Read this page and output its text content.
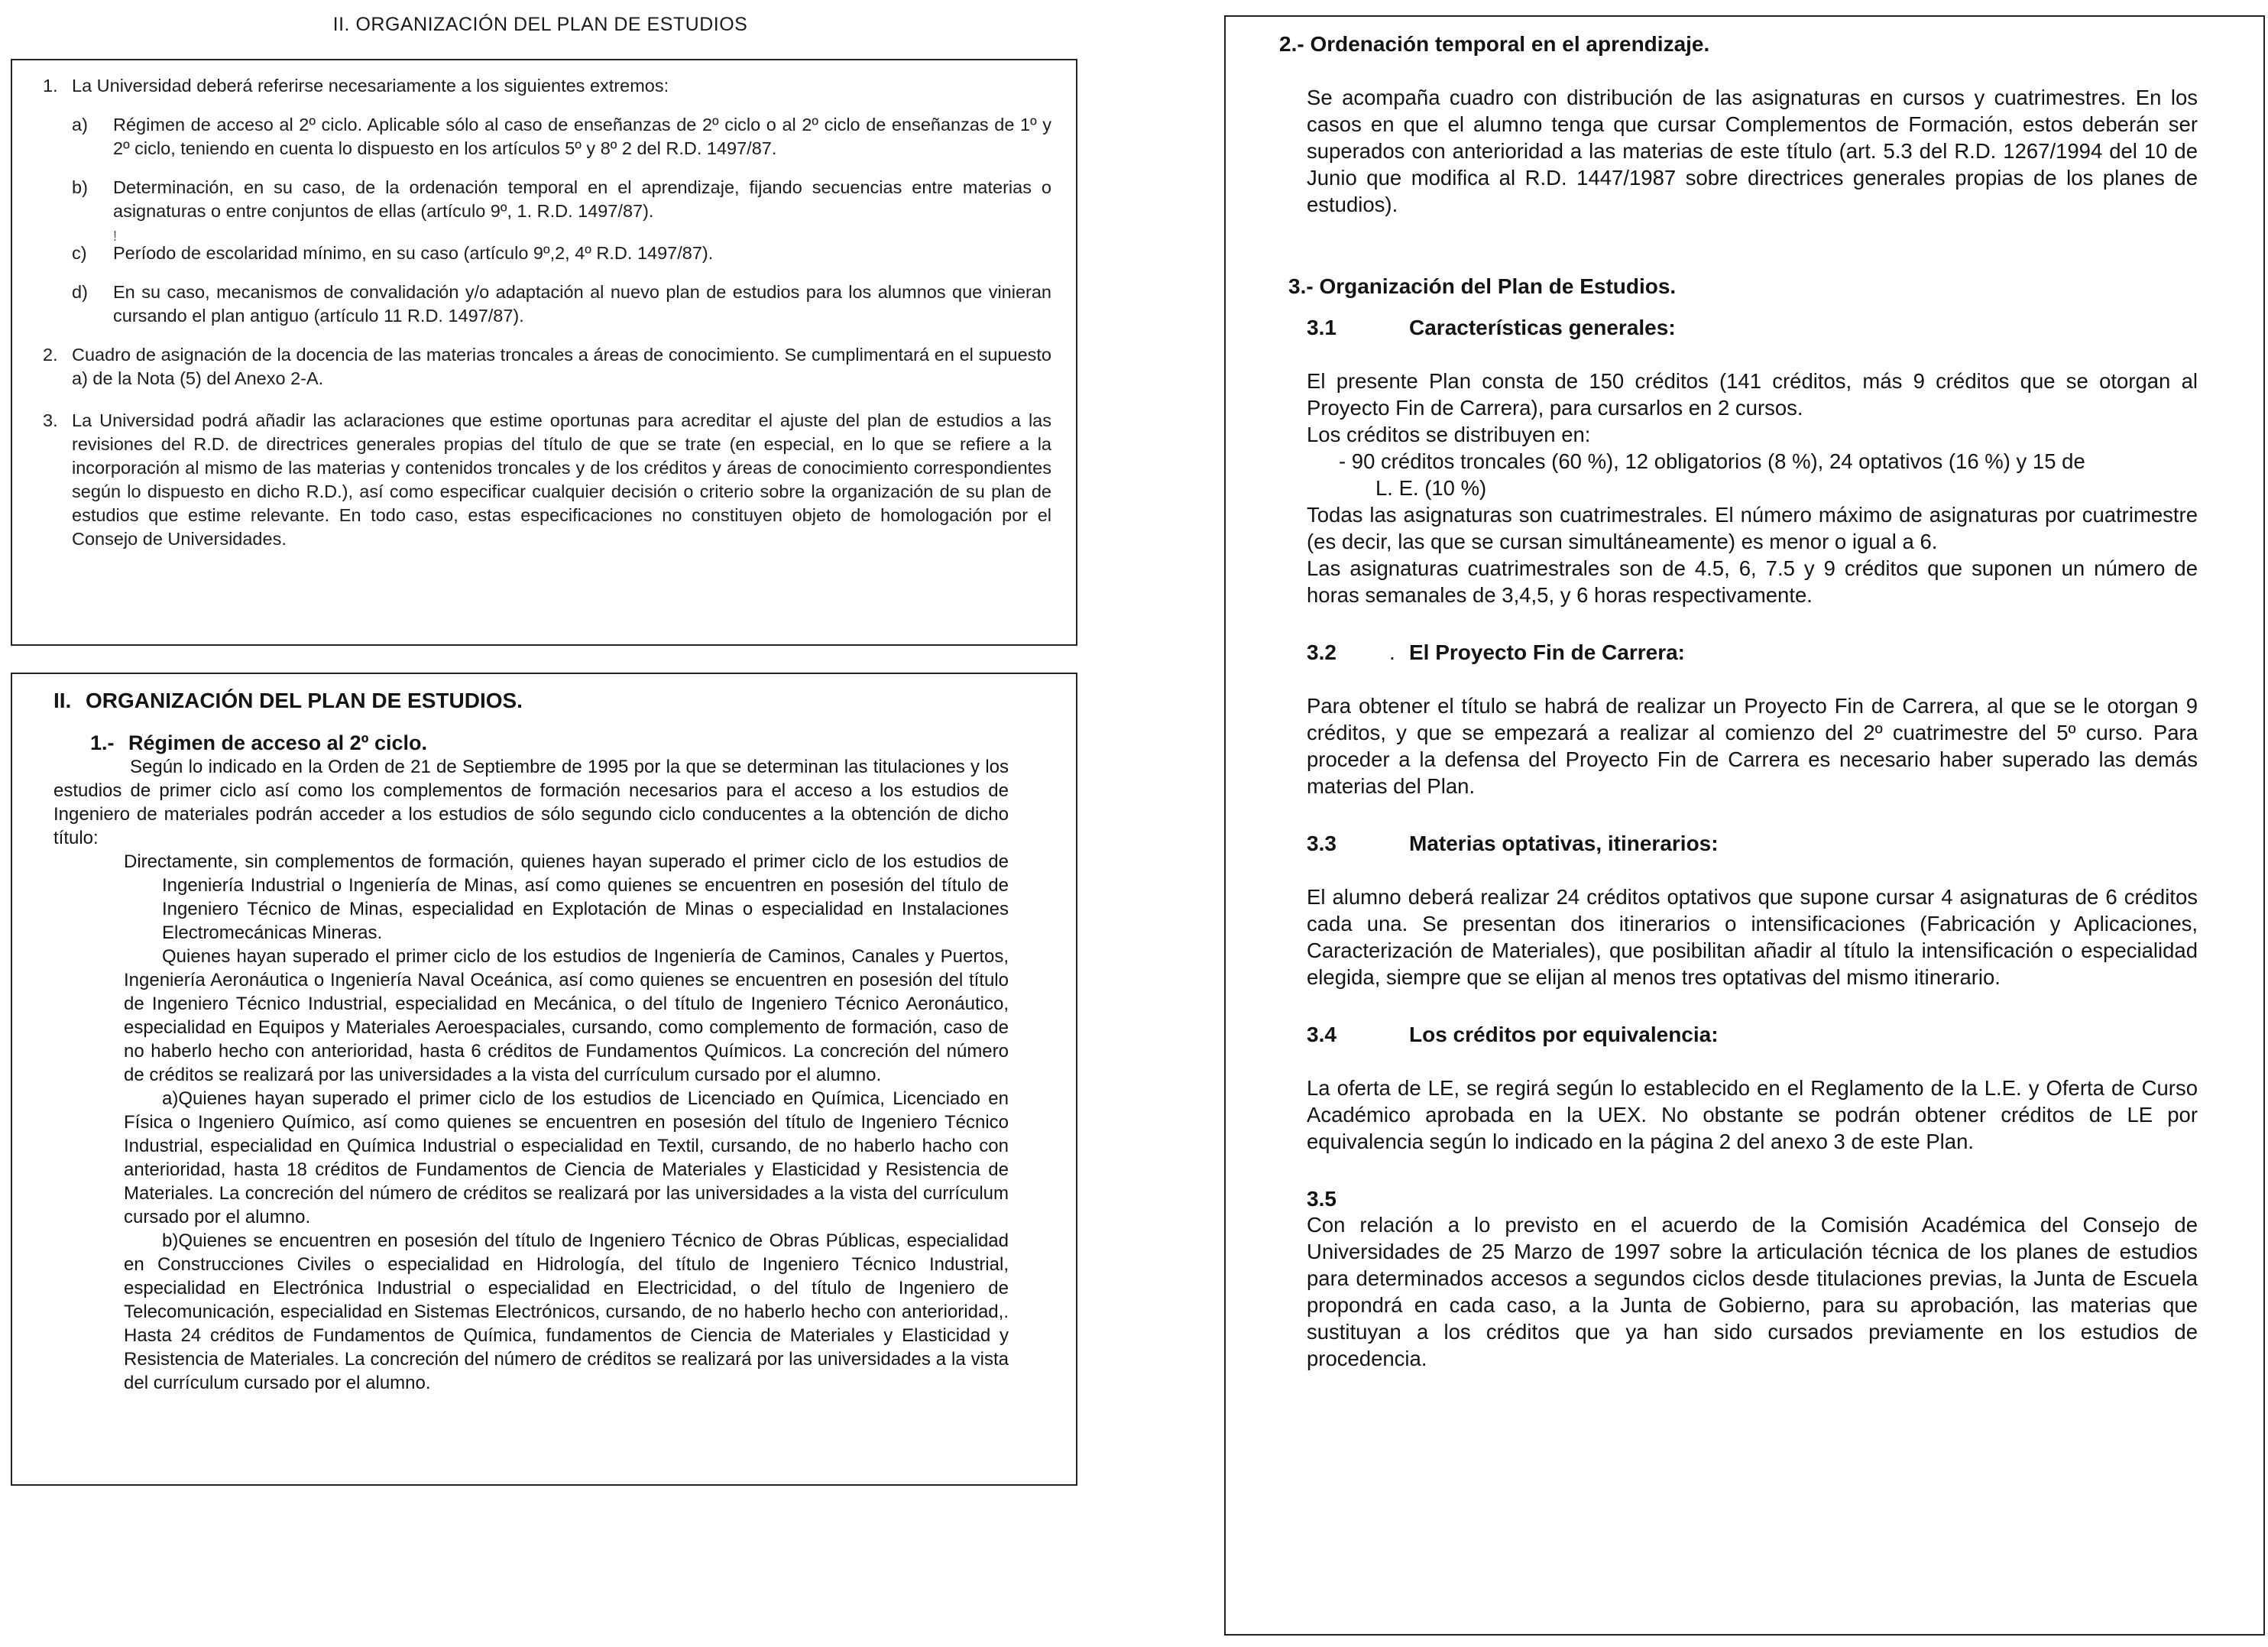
II. ORGANIZACIÓN DEL PLAN DE ESTUDIOS
1. La Universidad deberá referirse necesariamente a los siguientes extremos:

a) Régimen de acceso al 2º ciclo. Aplicable sólo al caso de enseñanzas de 2º ciclo o al 2º ciclo de enseñanzas de 1º y 2º ciclo, teniendo en cuenta lo dispuesto en los artículos 5º y 8º 2 del R.D. 1497/87.

b) Determinación, en su caso, de la ordenación temporal en el aprendizaje, fijando secuencias entre materias o asignaturas o entre conjuntos de ellas (artículo 9º, 1. R.D. 1497/87).

!
c) Período de escolaridad mínimo, en su caso (artículo 9º,2, 4º R.D. 1497/87).

d) En su caso, mecanismos de convalidación y/o adaptación al nuevo plan de estudios para los alumnos que vinieran cursando el plan antiguo (artículo 11 R.D. 1497/87).

2. Cuadro de asignación de la docencia de las materias troncales a áreas de conocimiento. Se cumplimentará en el supuesto a) de la Nota (5) del Anexo 2-A.

3. La Universidad podrá añadir las aclaraciones que estime oportunas para acreditar el ajuste del plan de estudios a las revisiones del R.D. de directrices generales propias del título de que se trate (en especial, en lo que se refiere a la incorporación al mismo de las materias y contenidos troncales y de los créditos y áreas de conocimiento correspondientes según lo dispuesto en dicho R.D.), así como especificar cualquier decisión o criterio sobre la organización de su plan de estudios que estime relevante. En todo caso, estas especificaciones no constituyen objeto de homologación por el Consejo de Universidades.

II. ORGANIZACIÓN DEL PLAN DE ESTUDIOS.
1.- Régimen de acceso al 2º ciclo.

Según lo indicado en la Orden de 21 de Septiembre de 1995 por la que se determinan las titulaciones y los estudios de primer ciclo así como los complementos de formación necesarios para el acceso a los estudios de Ingeniero de materiales podrán acceder a los estudios de sólo segundo ciclo conducentes a la obtención de dicho título:

Directamente, sin complementos de formación, quienes hayan superado el primer ciclo de los estudios de Ingeniería Industrial o Ingeniería de Minas, así como quienes se encuentren en posesión del título de Ingeniero Técnico de Minas, especialidad en Explotación de Minas o especialidad en Instalaciones Electromecánicas Mineras.

Quienes hayan superado el primer ciclo de los estudios de Ingeniería de Caminos, Canales y Puertos, Ingeniería Aeronáutica o Ingeniería Naval Oceánica, así como quienes se encuentren en posesión del título de Ingeniero Técnico Industrial, especialidad en Mecánica, o del título de Ingeniero Técnico Aeronáutico, especialidad en Equipos y Materiales Aeroespaciales, cursando, como complemento de formación, caso de no haberlo hecho con anterioridad, hasta 6 créditos de Fundamentos Químicos. La concreción del número de créditos se realizará por las universidades a la vista del currículum cursado por el alumno.

a)Quienes hayan superado el primer ciclo de los estudios de Licenciado en Química, Licenciado en Física o Ingeniero Químico, así como quienes se encuentren en posesión del título de Ingeniero Técnico Industrial, especialidad en Química Industrial o especialidad en Textil, cursando, de no haberlo hacho con anterioridad, hasta 18 créditos de Fundamentos de Ciencia de Materiales y Elasticidad y Resistencia de Materiales. La concreción del número de créditos se realizará por las universidades a la vista del currículum cursado por el alumno.

b)Quienes se encuentren en posesión del título de Ingeniero Técnico de Obras Públicas, especialidad en Construcciones Civiles o especialidad en Hidrología, del título de Ingeniero Técnico Industrial, especialidad en Electrónica Industrial o especialidad en Electricidad, o del título de Ingeniero de Telecomunicación, especialidad en Sistemas Electrónicos, cursando, de no haberlo hecho con anterioridad,. Hasta 24 créditos de Fundamentos de Química, fundamentos de Ciencia de Materiales y Elasticidad y Resistencia de Materiales. La concreción del número de créditos se realizará por las universidades a la vista del currículum cursado por el alumno.

2.- Ordenación temporal en el aprendizaje.

Se acompaña cuadro con distribución de las asignaturas en cursos y cuatrimestres. En los casos en que el alumno tenga que cursar Complementos de Formación, estos deberán ser superados con anterioridad a las materias de este título (art. 5.3 del R.D. 1267/1994 del 10 de Junio que modifica al R.D. 1447/1987 sobre directrices generales propias de los planes de estudios).

3.- Organización del Plan de Estudios.
3.1	Características generales:

El presente Plan consta de 150 créditos (141 créditos, más 9 créditos que se otorgan al Proyecto Fin de Carrera), para cursarlos en 2 cursos.

Los créditos se distribuyen en:

- 90 créditos troncales (60 %), 12 obligatorios (8 %), 24 optativos (16 %) y 15 de

L. E. (10 %)

Todas las asignaturas son cuatrimestrales. El número máximo de asignaturas por cuatrimestre (es decir, las que se cursan simultáneamente) es menor o igual a 6.

Las asignaturas cuatrimestrales son de 4.5, 6, 7.5 y 9 créditos que suponen un número de horas semanales de 3,4,5, y 6 horas respectivamente.

3.2 . El Proyecto Fin de Carrera:

Para obtener el título se habrá de realizar un Proyecto Fin de Carrera, al que se le otorgan 9 créditos, y que se empezará a realizar al comienzo del 2º cuatrimestre del 5º curso. Para proceder a la defensa del Proyecto Fin de Carrera es necesario haber superado las demás materias del Plan.

3.3	Materias optativas, itinerarios:

El alumno deberá realizar 24 créditos optativos que supone cursar 4 asignaturas de 6 créditos cada una. Se presentan dos itinerarios o intensificaciones (Fabricación y Aplicaciones, Caracterización de Materiales), que posibilitan añadir al título la intensificación o especialidad elegida, siempre que se elijan al menos tres optativas del mismo itinerario.

3.4	Los créditos por equivalencia:

La oferta de LE, se regirá según lo establecido en el Reglamento de la L.E. y Oferta de Curso Académico aprobada en la UEX. No obstante se podrán obtener créditos de LE por equivalencia según lo indicado en la página 2 del anexo 3 de este Plan.

3.5

Con relación a lo previsto en el acuerdo de la Comisión Académica del Consejo de Universidades de 25 Marzo de 1997 sobre la articulación técnica de los planes de estudios para determinados accesos a segundos ciclos desde titulaciones previas, la Junta de Escuela propondrá en cada caso, a la Junta de Gobierno, para su aprobación, las materias que sustituyan a los créditos que ya han sido cursados previamente en los estudios de procedencia.
